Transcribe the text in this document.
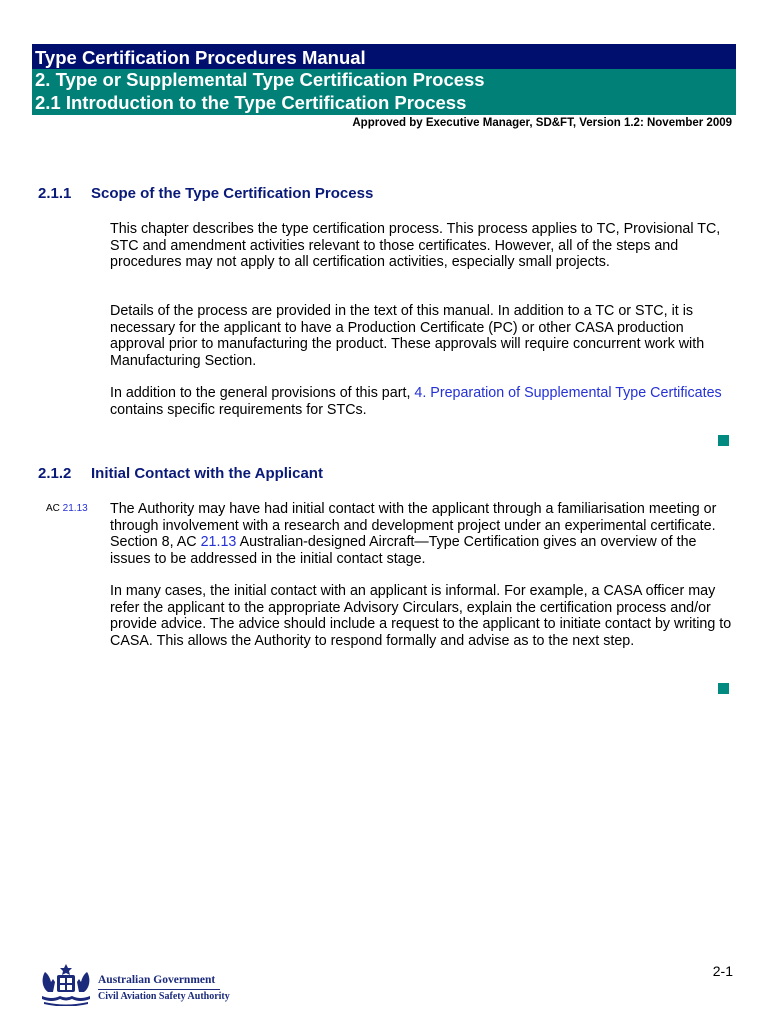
Type Certification Procedures Manual
2. Type or Supplemental Type Certification Process
2.1 Introduction to the Type Certification Process
Approved by Executive Manager, SD&FT, Version 1.2: November 2009
2.1.1 Scope of the Type Certification Process
This chapter describes the type certification process. This process applies to TC, Provisional TC, STC and amendment activities relevant to those certificates. However, all of the steps and procedures may not apply to all certification activities, especially small projects.
Details of the process are provided in the text of this manual. In addition to a TC or STC, it is necessary for the applicant to have a Production Certificate (PC) or other CASA production approval prior to manufacturing the product. These approvals will require concurrent work with Manufacturing Section.
In addition to the general provisions of this part, 4. Preparation of Supplemental Type Certificates contains specific requirements for STCs.
2.1.2 Initial Contact with the Applicant
AC 21.13 The Authority may have had initial contact with the applicant through a familiarisation meeting or through involvement with a research and development project under an experimental certificate. Section 8, AC 21.13 Australian-designed Aircraft—Type Certification gives an overview of the issues to be addressed in the initial contact stage.
In many cases, the initial contact with an applicant is informal. For example, a CASA officer may refer the applicant to the appropriate Advisory Circulars, explain the certification process and/or provide advice. The advice should include a request to the applicant to initiate contact by writing to CASA. This allows the Authority to respond formally and advise as to the next step.
2-1
Australian Government
Civil Aviation Safety Authority
